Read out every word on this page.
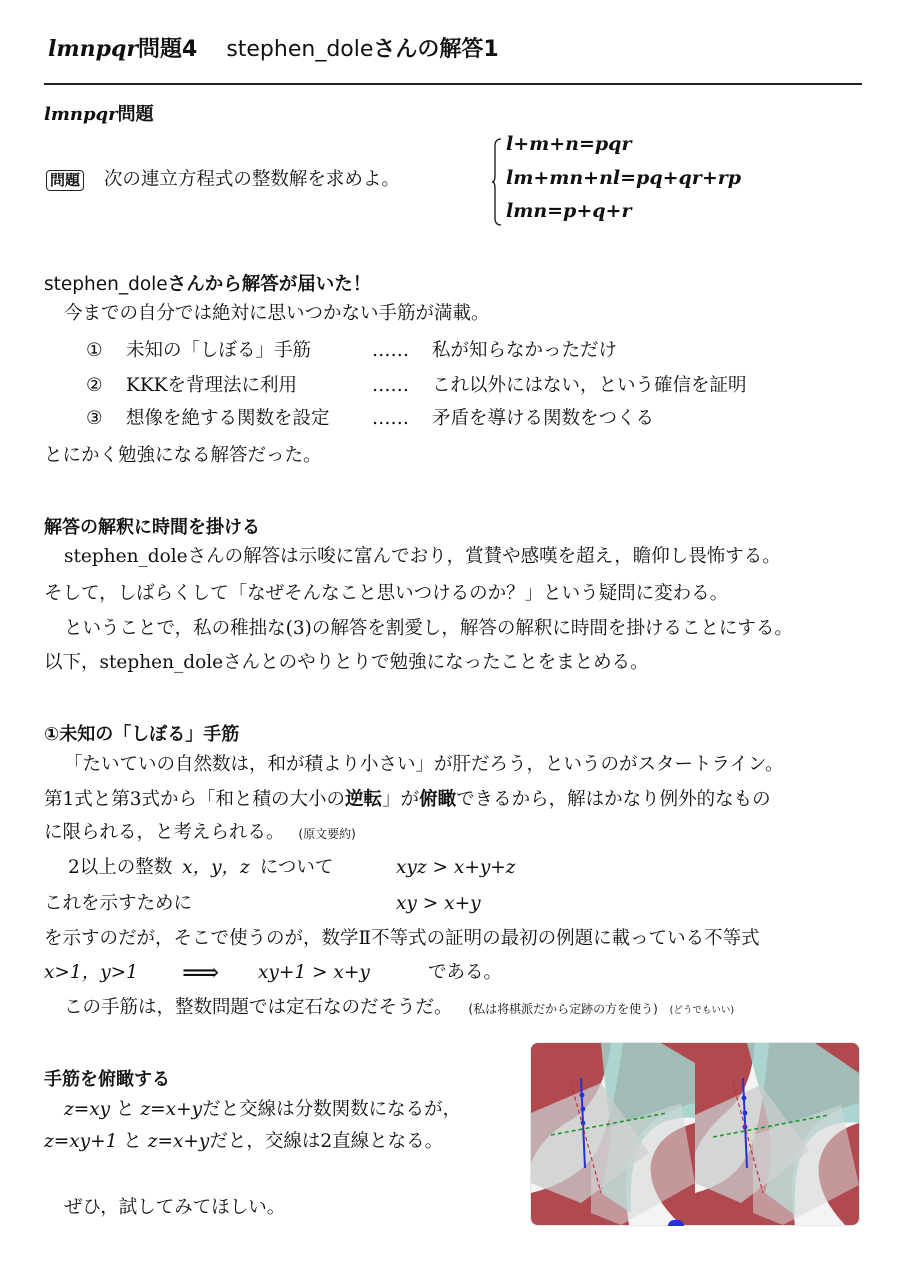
lmnpqr問題4 stephen_doleさんの解答1
lmnpqr問題
問題 次の連立方程式の整数解を求めよ。
l+m+n=pqr
lm+mn+nl=pq+qr+rp
lmn=p+q+r
stephen_doleさんから解答が届いた！
今までの自分では絶対に思いつかない手筋が満載。
① 未知の「しぼる」手筋	…… 私が知らなかっただけ
② KKKを背理法に利用	…… これ以外にはない，という確信を証明
③ 想像を絶する関数を設定 …… 矛盾を導ける関数をつくる
とにかく勉強になる解答だった。
解答の解釈に時間を掛ける
stephen_doleさんの解答は示唆に富んでおり，賞賛や感嘆を超え，瞻仰し畏怖する。
そして，しばらくして「なぜそんなこと思いつけるのか？」という疑問に変わる。
ということで，私の稚拙な(3)の解答を割愛し，解答の解釈に時間を掛けることにする。
以下，stephen_doleさんとのやりとりで勉強になったことをまとめる。
①未知の「しぼる」手筋
「たいていの自然数は，和が積より小さい」が肝だろう，というのがスタートライン。
第1式と第3式から「和と積の大小の逆転」が俯瞰できるから，解はかなり例外的なもの
に限られる，と考えられる。 (原文要約)
2以上の整数 x，y，z について	xyz > x+y+z
これを示すために	xy > x+y
を示すのだが，そこで使うのが，数学Ⅱ不等式の証明の最初の例題に載っている不等式
x>1，y>1 ⟹ xy+1 > x+y	である。
この手筋は，整数問題では定石なのだそうだ。 (私は将棋派だから定跡の方を使う) (どうでもいい)
手筋を俯瞰する
z=xy と z=x+yだと交線は分数関数になるが，
z=xy+1 と z=x+yだと，交線は2直線となる。
ぜひ，試してみてほしい。
